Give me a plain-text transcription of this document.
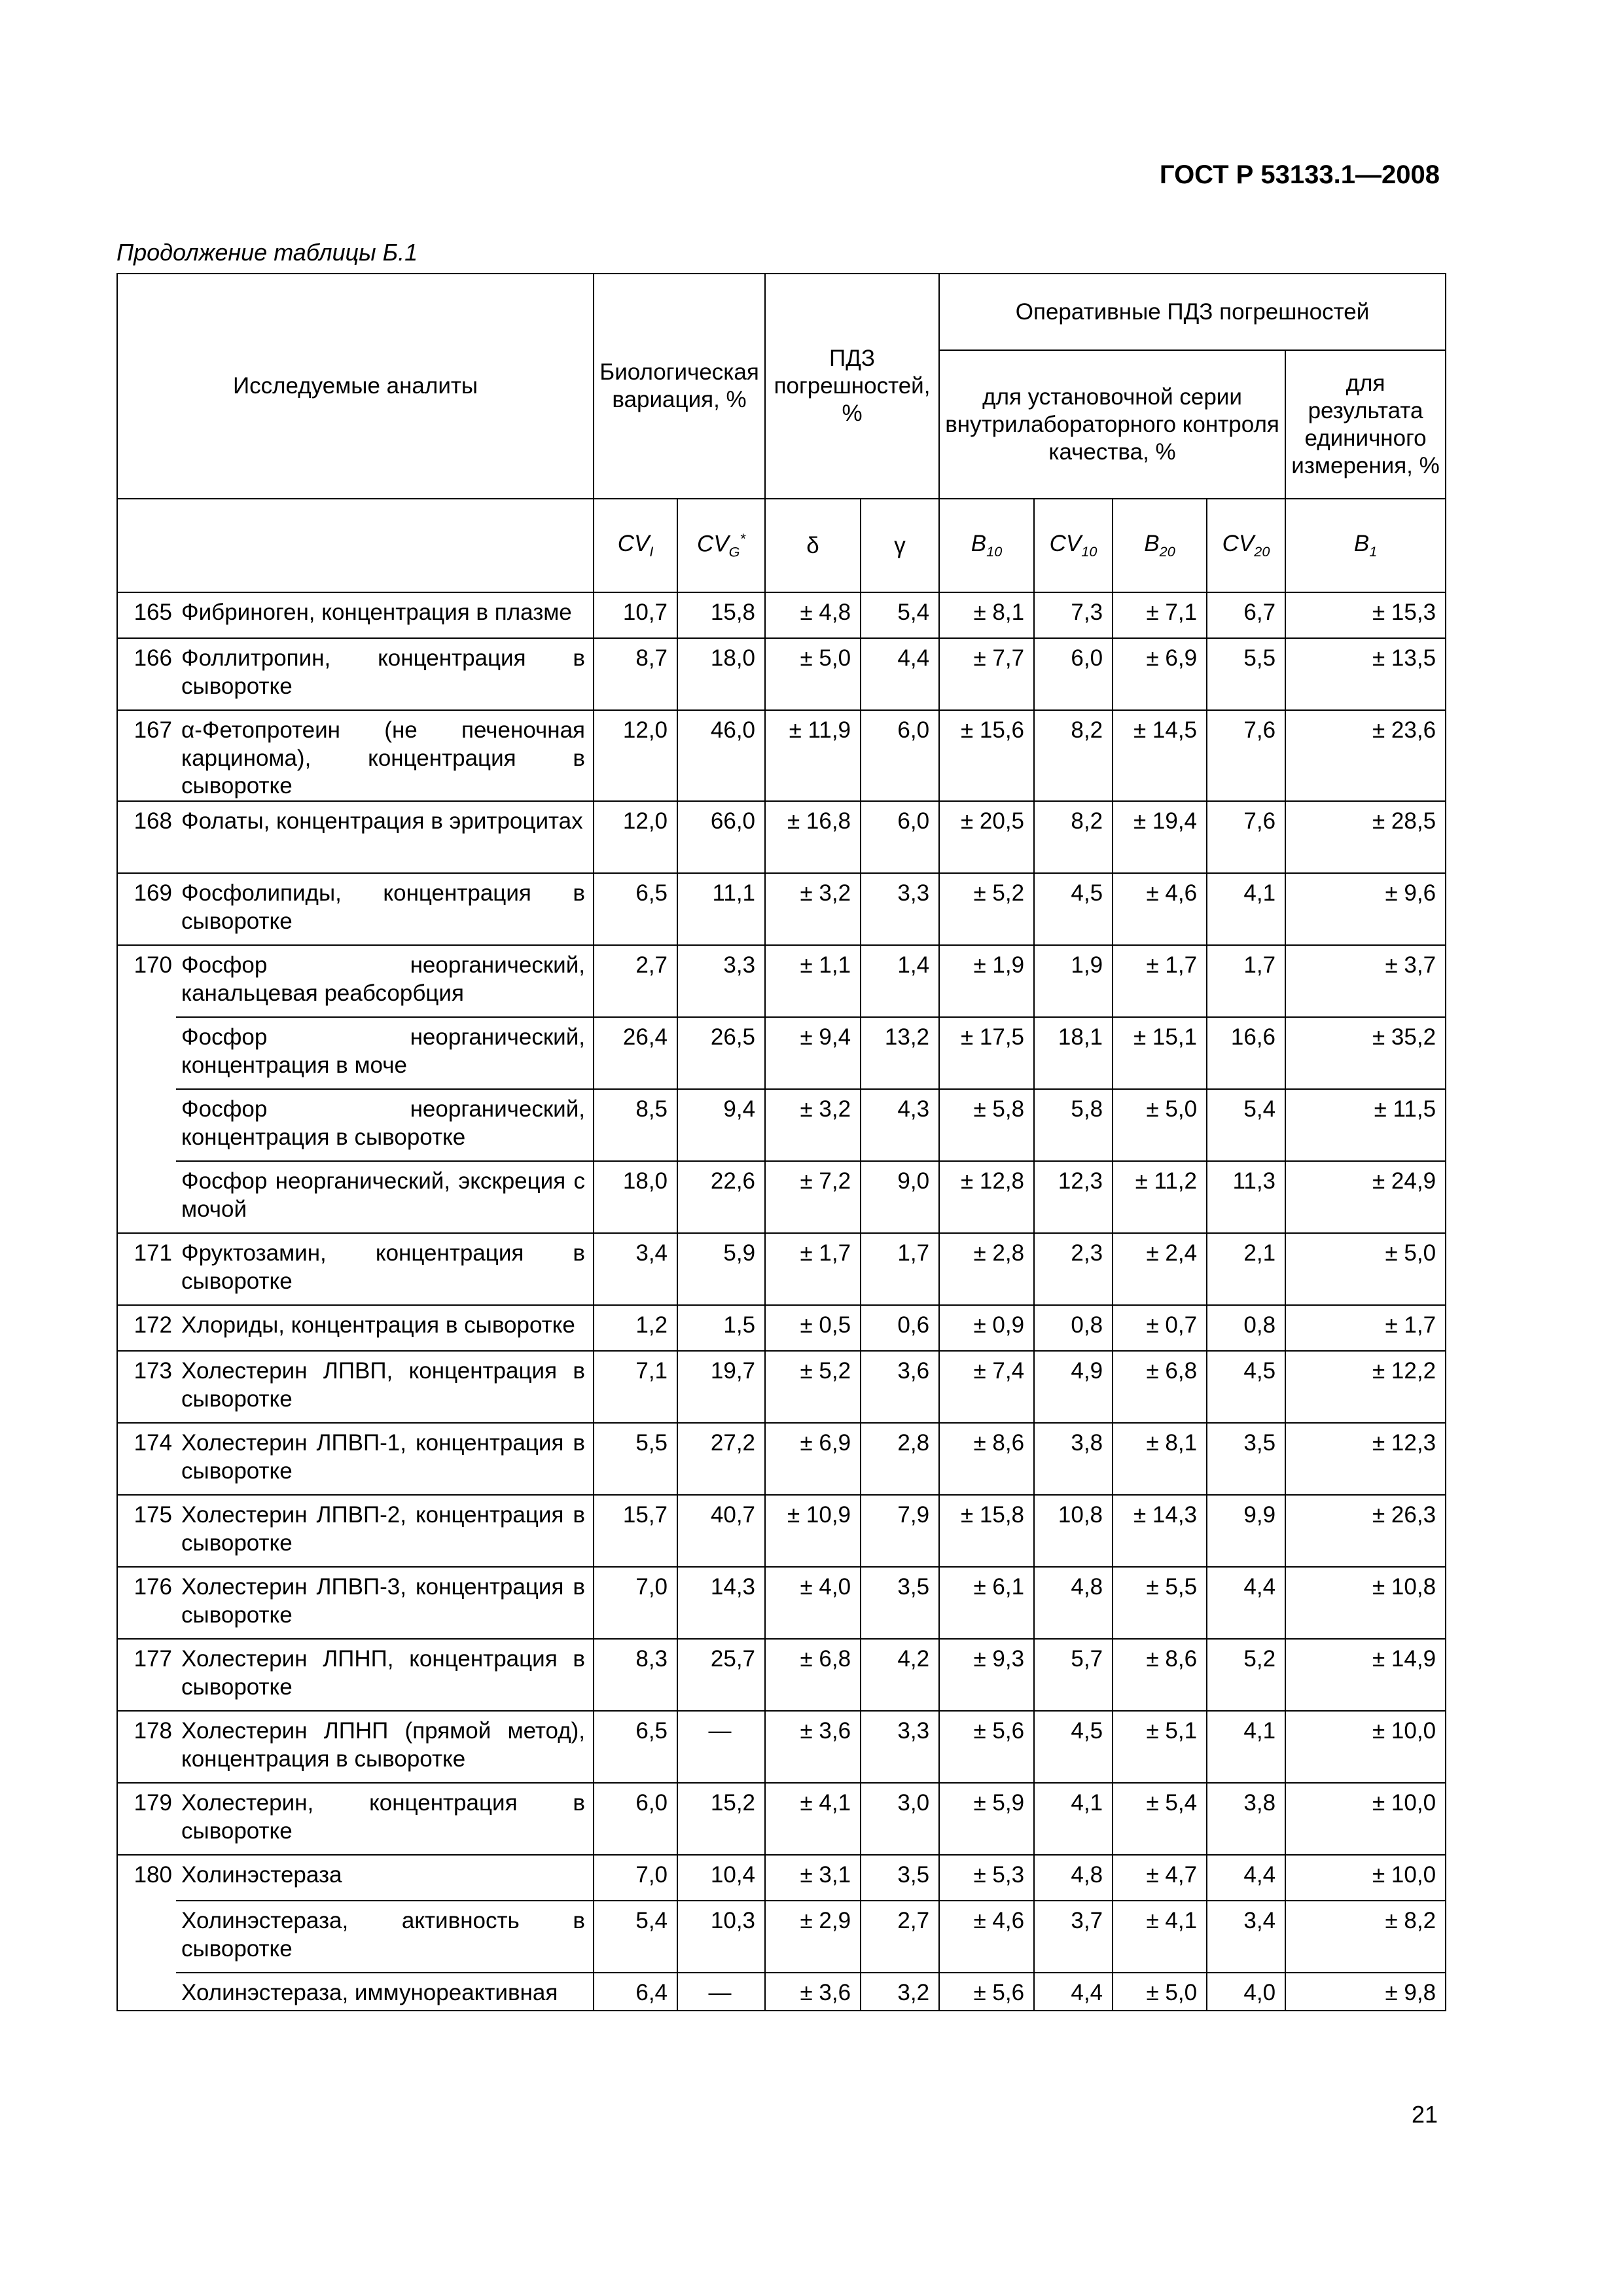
ГОСТ Р 53133.1—2008
Продолжение таблицы Б.1
Исследуемые аналиты		Биологическая вариация, %		ПДЗ погрешностей, %		Оперативные ПДЗ погрешностей				
						для установочной серии внутрилабораторного контроля качества, %				для результата единичного измерения, %
		$CV_I$	$CV_G^*$	δ	γ	$B_{10}$	$CV_{10}$	$B_{20}$	$CV_{20}$	$B_1$
165	Фибриноген, концентрация в плазме	10,7	15,8	± 4,8	5,4	± 8,1	7,3	± 7,1	6,7	± 15,3
166	Фоллитропин, концентрация в сыворотке	8,7	18,0	± 5,0	4,4	± 7,7	6,0	± 6,9	5,5	± 13,5
167	α-Фетопротеин (не печеночная карцинома), концентрация в сыворотке	12,0	46,0	± 11,9	6,0	± 15,6	8,2	± 14,5	7,6	± 23,6
168	Фолаты, концентрация в эритроцитах	12,0	66,0	± 16,8	6,0	± 20,5	8,2	± 19,4	7,6	± 28,5
169	Фосфолипиды, концентрация в сыворотке	6,5	11,1	± 3,2	3,3	± 5,2	4,5	± 4,6	4,1	± 9,6
170	Фосфор неорганический, канальцевая реабсорбция	2,7	3,3	± 1,1	1,4	± 1,9	1,9	± 1,7	1,7	± 3,7
	Фосфор неорганический, концентрация в моче	26,4	26,5	± 9,4	13,2	± 17,5	18,1	± 15,1	16,6	± 35,2
	Фосфор неорганический, концентрация в сыворотке	8,5	9,4	± 3,2	4,3	± 5,8	5,8	± 5,0	5,4	± 11,5
	Фосфор неорганический, экскреция с мочой	18,0	22,6	± 7,2	9,0	± 12,8	12,3	± 11,2	11,3	± 24,9
171	Фруктозамин, концентрация в сыворотке	3,4	5,9	± 1,7	1,7	± 2,8	2,3	± 2,4	2,1	± 5,0
172	Хлориды, концентрация в сыворотке	1,2	1,5	± 0,5	0,6	± 0,9	0,8	± 0,7	0,8	± 1,7
173	Холестерин ЛПВП, концентрация в сыворотке	7,1	19,7	± 5,2	3,6	± 7,4	4,9	± 6,8	4,5	± 12,2
174	Холестерин ЛПВП-1, концентрация в сыворотке	5,5	27,2	± 6,9	2,8	± 8,6	3,8	± 8,1	3,5	± 12,3
175	Холестерин ЛПВП-2, концентрация в сыворотке	15,7	40,7	± 10,9	7,9	± 15,8	10,8	± 14,3	9,9	± 26,3
176	Холестерин ЛПВП-3, концентрация в сыворотке	7,0	14,3	± 4,0	3,5	± 6,1	4,8	± 5,5	4,4	± 10,8
177	Холестерин ЛПНП, концентрация в сыворотке	8,3	25,7	± 6,8	4,2	± 9,3	5,7	± 8,6	5,2	± 14,9
178	Холестерин ЛПНП (прямой метод), концентрация в сыворотке	6,5	—	± 3,6	3,3	± 5,6	4,5	± 5,1	4,1	± 10,0
179	Холестерин, концентрация в сыворотке	6,0	15,2	± 4,1	3,0	± 5,9	4,1	± 5,4	3,8	± 10,0
180	Холинэстераза	7,0	10,4	± 3,1	3,5	± 5,3	4,8	± 4,7	4,4	± 10,0
	Холинэстераза, активность в сыворотке	5,4	10,3	± 2,9	2,7	± 4,6	3,7	± 4,1	3,4	± 8,2
	Холинэстераза, иммунореактивная	6,4	—	± 3,6	3,2	± 5,6	4,4	± 5,0	4,0	± 9,8
21
